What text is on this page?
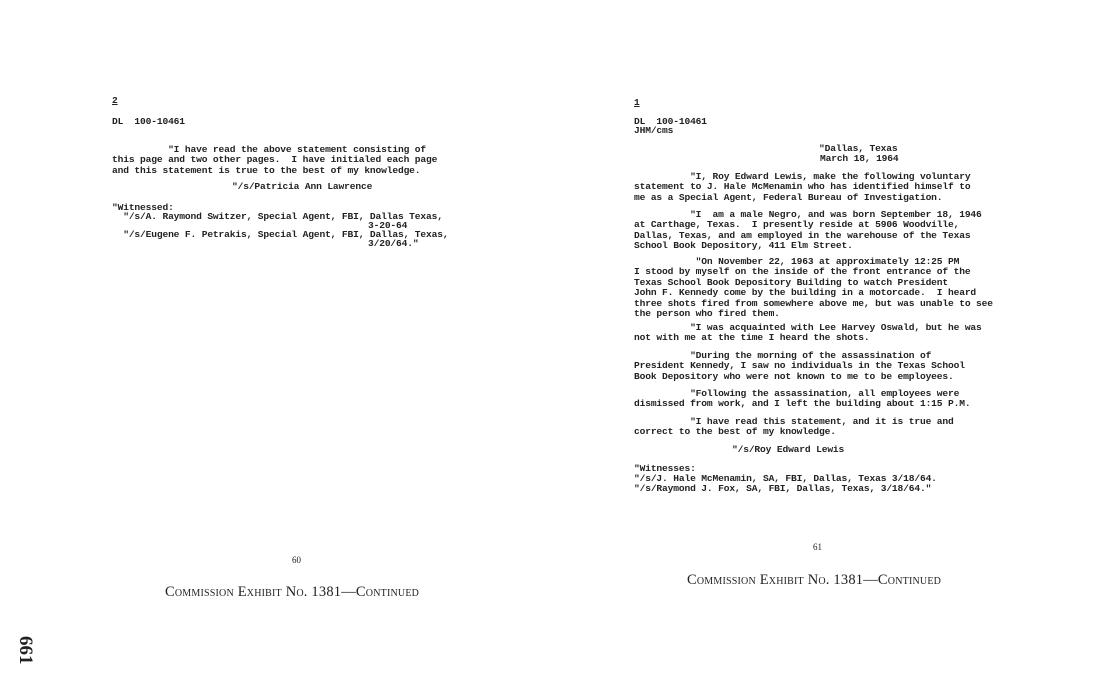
2
DL  100-10461
"I have read the above statement consisting of
this page and two other pages.  I have initialed each page
and this statement is true to the best of my knowledge.
"/s/Patricia Ann Lawrence
"Witnessed:
"/s/A. Raymond Switzer, Special Agent, FBI, Dallas Texas,
3-20-64
"/s/Eugene F. Petrakis, Special Agent, FBI, Dallas, Texas,
3/20/64."
60
Commission Exhibit No. 1381—Continued
1
DL  100-10461
JHM/cms
"Dallas, Texas
March 18, 1964
"I, Roy Edward Lewis, make the following voluntary
statement to J. Hale McMenamin who has identified himself to
me as a Special Agent, Federal Bureau of Investigation.
"I  am a male Negro, and was born September 18, 1946
at Carthage, Texas.  I presently reside at 5906 Woodville,
Dallas, Texas, and am employed in the warehouse of the Texas
School Book Depository, 411 Elm Street.
"On November 22, 1963 at approximately 12:25 PM
I stood by myself on the inside of the front entrance of the
Texas School Book Depository Building to watch President
John F. Kennedy come by the building in a motorcade.  I heard
three shots fired from somewhere above me, but was unable to see
the person who fired them.
"I was acquainted with Lee Harvey Oswald, but he was
not with me at the time I heard the shots.
"During the morning of the assassination of
President Kennedy, I saw no individuals in the Texas School
Book Depository who were not known to me to be employees.
"Following the assassination, all employees were
dismissed from work, and I left the building about 1:15 P.M.
"I have read this statement, and it is true and
correct to the best of my knowledge.
"/s/Roy Edward Lewis
"Witnesses:
"/s/J. Hale McMenamin, SA, FBI, Dallas, Texas 3/18/64.
"/s/Raymond J. Fox, SA, FBI, Dallas, Texas, 3/18/64."
61
Commission Exhibit No. 1381—Continued
661
